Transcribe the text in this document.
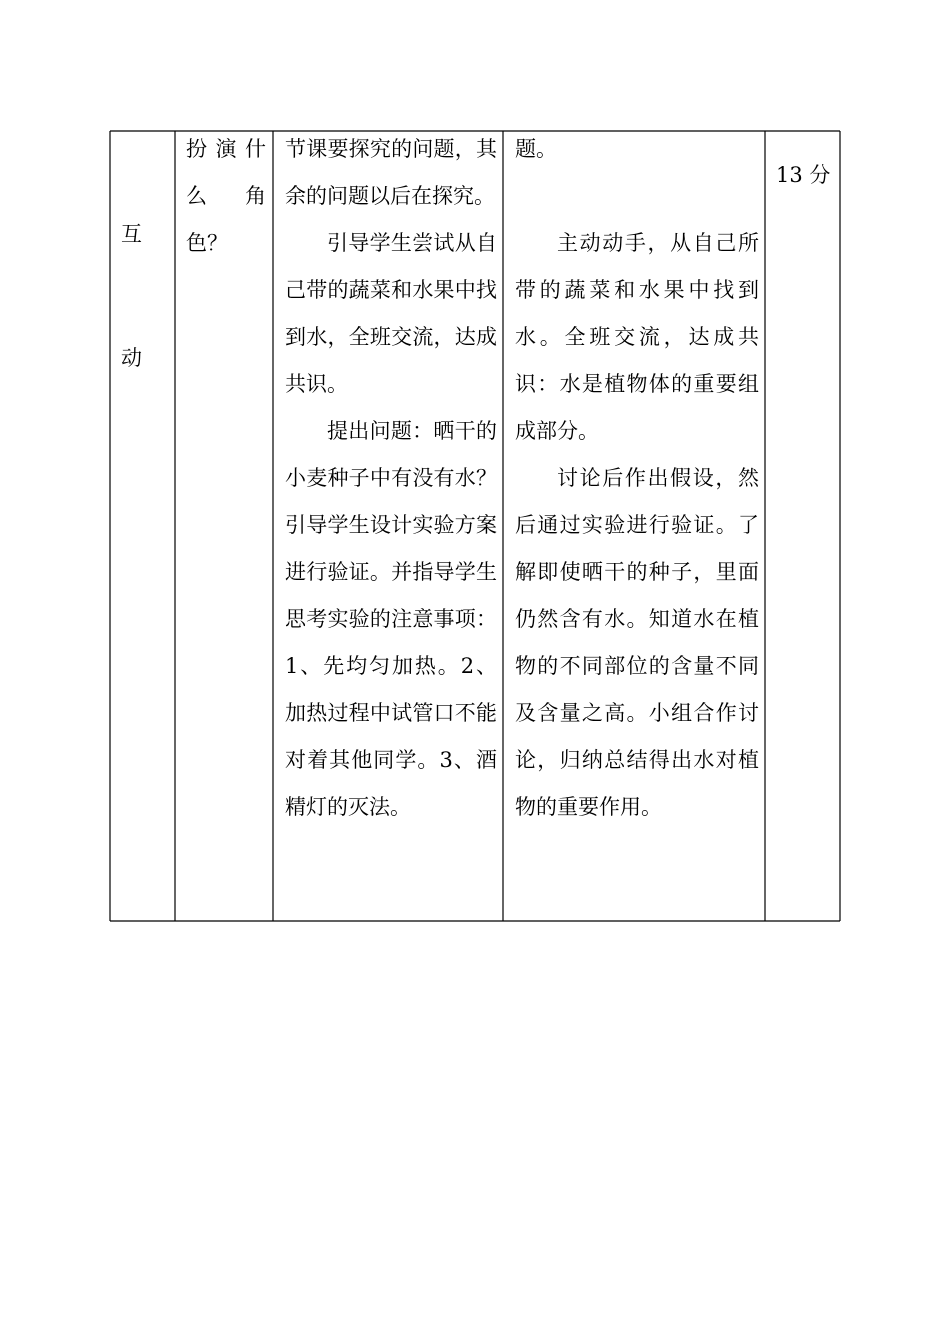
互
动
扮演什
么 角
色？

节课要探究的问题，其余的问题以后在探究。

引导学生尝试从自己带的蔬菜和水果中找到水，全班交流，达成共识。

提出问题：晒干的小麦种子中有没有水？引导学生设计实验方案进行验证。并指导学生思考实验的注意事项：1、先均匀加热。2、加热过程中试管口不能对着其他同学。3、酒精灯的灭法。

题。

主动动手，从自己所带的蔬菜和水果中找到水。全班交流，达成共识：水是植物体的重要组成部分。

讨论后作出假设，然后通过实验进行验证。了解即使晒干的种子，里面仍然含有水。知道水在植物的不同部位的含量不同及含量之高。小组合作讨论，归纳总结得出水对植物的重要作用。

13 分
